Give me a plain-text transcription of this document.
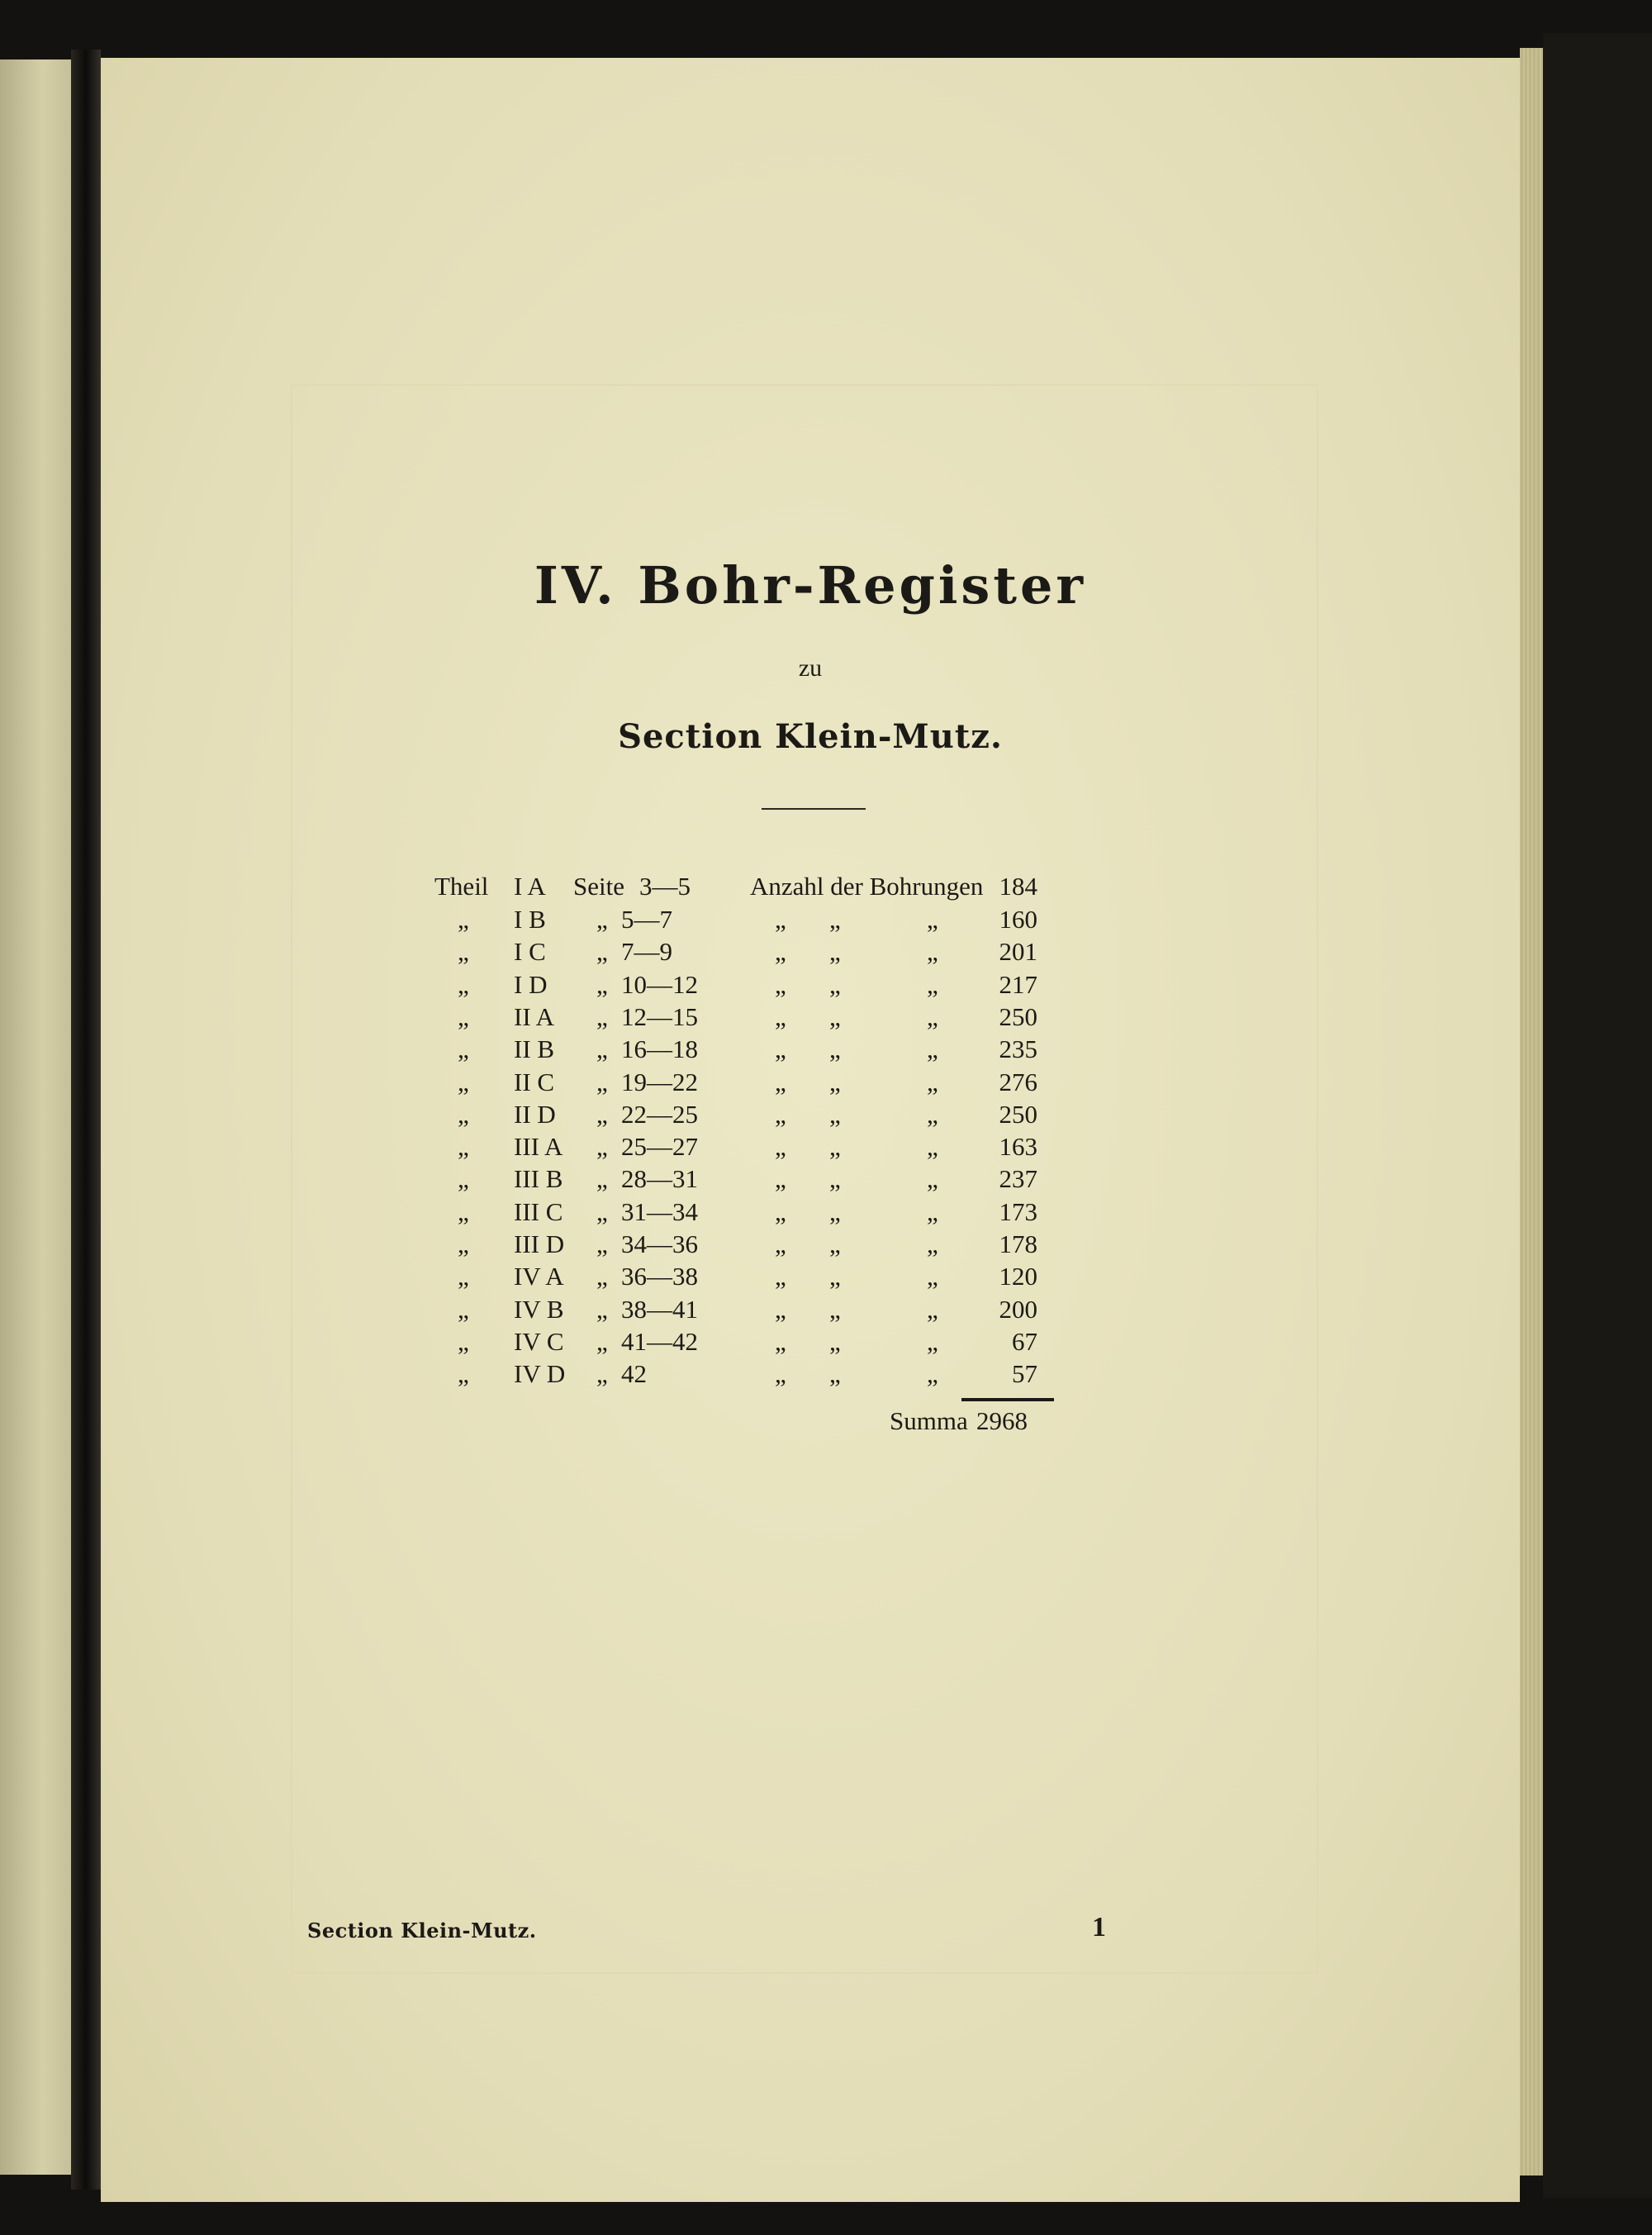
IV. Bohr-Register
zu
Section Klein-Mutz.
Theil I A Seite 3—5 Anzahl der Bohrungen 184
„ I B „ 5—7	„ „	„	160
„ I C „ 7—9	„ „	„	201
„ I D „ 10—12	„ „	„	217
„ II A „ 12—15	„ „	„	250
„ II B „ 16—18	„ „	„	235
„ II C „ 19—22	„ „	„	276
„ II D „ 22—25	„ „	„	250
„ III A „ 25—27	„ „	„	163
„ III B „ 28—31	„ „	„	237
„ III C „ 31—34	„ „	„	173
„ III D „ 34—36	„ „	„	178
„ IV A „ 36—38	„ „	„	120
„ IV B „ 38—41	„ „	„	200
„ IV C „ 41—42	„ „	„	67
„ IV D „ 42	„ „	„	57
Summa 2968
Section Klein-Mutz.	1
